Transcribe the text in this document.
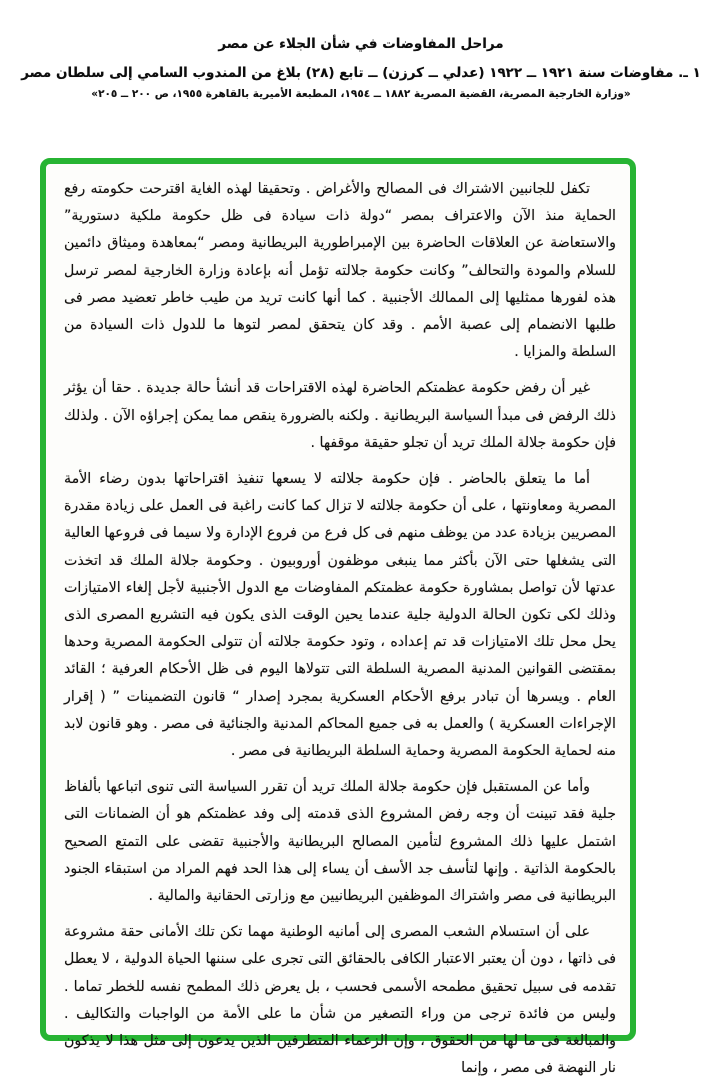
مراحل المفاوضات في شأن الجلاء عن مصر
١ ـ. مفاوضات سنة ١٩٢١ ــ ١٩٢٢ (عدلي ــ كرزن) ــ تابع (٢٨) بلاغ من المندوب السامي إلى سلطان مصر
«وزارة الخارجية المصرية، القضية المصرية ١٨٨٢ ــ ١٩٥٤، المطبعة الأميرية بالقاهرة ١٩٥٥، ص ٢٠٠ ــ ٢٠٥»

تكفل للجانبين الاشتراك فى المصالح والأغراض . وتحقيقا لهذه الغاية اقترحت حكومته رفع الحماية منذ الآن والاعتراف بمصر “دولة ذات سيادة فى ظل حكومة ملكية دستورية” والاستعاضة عن العلاقات الحاضرة بين الإمبراطورية البريطانية ومصر “بمعاهدة وميثاق دائمين للسلام والمودة والتحالف” وكانت حكومة جلالته تؤمل أنه بإعادة وزارة الخارجية لمصر ترسل هذه لفورها ممثليها إلى الممالك الأجنبية . كما أنها كانت تريد من طيب خاطر تعضيد مصر فى طلبها الانضمام إلى عصبة الأمم . وقد كان يتحقق لمصر لتوها ما للدول ذات السيادة من السلطة والمزايا .

غير أن رفض حكومة عظمتكم الحاضرة لهذه الاقتراحات قد أنشأ حالة جديدة . حقا أن يؤثر ذلك الرفض فى مبدأ السياسة البريطانية . ولكنه بالضرورة ينقص مما يمكن إجراؤه الآن . ولذلك فإن حكومة جلالة الملك تريد أن تجلو حقيقة موقفها .

أما ما يتعلق بالحاضر . فإن حكومة جلالته لا يسعها تنفيذ اقتراحاتها بدون رضاء الأمة المصرية ومعاونتها ، على أن حكومة جلالته لا تزال كما كانت راغبة فى العمل على زيادة مقدرة المصريين بزيادة عدد من يوظف منهم فى كل فرع من فروع الإدارة ولا سيما فى فروعها العالية التى يشغلها حتى الآن بأكثر مما ينبغى موظفون أوروبيون . وحكومة جلالة الملك قد اتخذت عدتها لأن تواصل بمشاورة حكومة عظمتكم المفاوضات مع الدول الأجنبية لأجل إلغاء الامتيازات وذلك لكى تكون الحالة الدولية جلية عندما يحين الوقت الذى يكون فيه التشريع المصرى الذى يحل محل تلك الامتيازات قد تم إعداده ، وتود حكومة جلالته أن تتولى الحكومة المصرية وحدها بمقتضى القوانين المدنية المصرية السلطة التى تتولاها اليوم فى ظل الأحكام العرفية ؛ القائد العام . ويسرها أن تبادر برفع الأحكام العسكرية بمجرد إصدار “ قانون التضمينات ” ( إقرار الإجراءات العسكرية ) والعمل به فى جميع المحاكم المدنية والجنائية فى مصر . وهو قانون لابد منه لحماية الحكومة المصرية وحماية السلطة البريطانية فى مصر .

وأما عن المستقبل فإن حكومة جلالة الملك تريد أن تقرر السياسة التى تنوى اتباعها بألفاظ جلية فقد تبينت أن وجه رفض المشروع الذى قدمته إلى وفد عظمتكم هو أن الضمانات التى اشتمل عليها ذلك المشروع لتأمين المصالح البريطانية والأجنبية تقضى على التمتع الصحيح بالحكومة الذاتية . وإنها لتأسف جد الأسف أن يساء إلى هذا الحد فهم المراد من استبقاء الجنود البريطانية فى مصر واشتراك الموظفين البريطانيين مع وزارتى الحقانية والمالية .

على أن استسلام الشعب المصرى إلى أمانيه الوطنية مهما تكن تلك الأمانى حقة مشروعة فى ذاتها ، دون أن يعتبر الاعتبار الكافى بالحقائق التى تجرى على سننها الحياة الدولية ، لا يعطل تقدمه فى سبيل تحقيق مطمحه الأسمى فحسب ، بل يعرض ذلك المطمح نفسه للخطر تماما . وليس من فائدة ترجى من وراء التصغير من شأن ما على الأمة من الواجبات والتكاليف . والمبالغة فى ما لها من الحقوق ، وإن الزعماء المتطرفين الذين يدعون إلى مثل هذا لا يذكون نار النهضة فى مصر ، وإنما
